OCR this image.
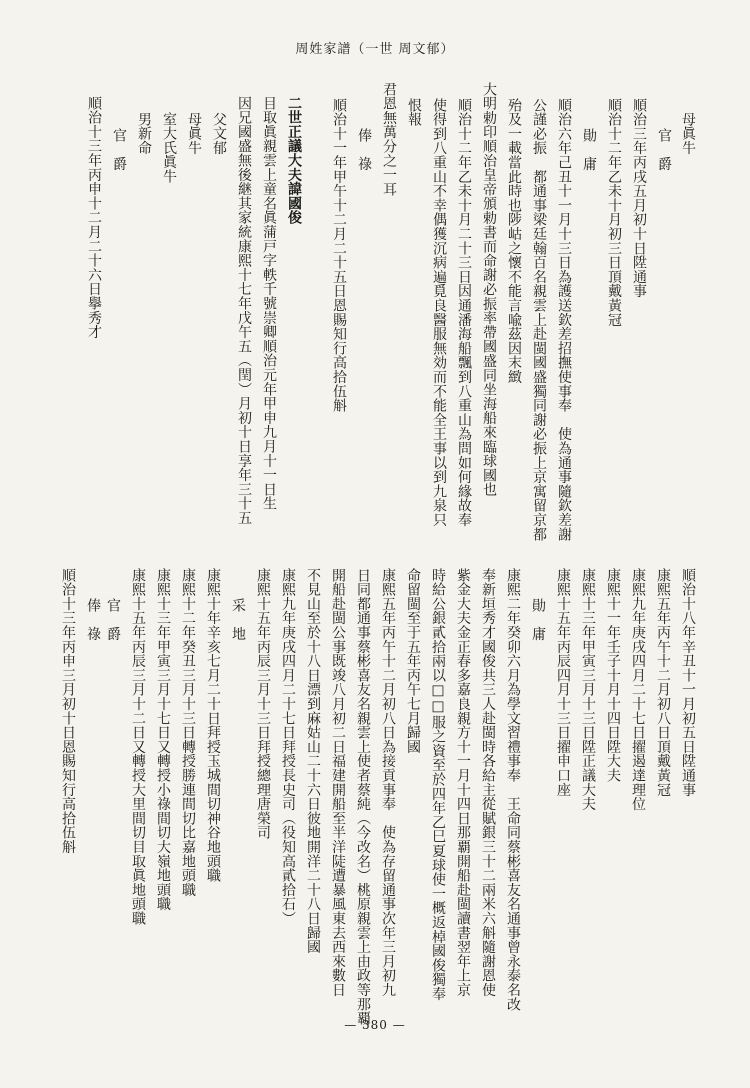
周姓家譜（一世 周文郁）
母眞牛
官　爵
順治三年丙戌五月初十日陞通事
順治十二年乙未十月初三日頂戴黃冠
勛　庸
順治六年己丑十一月十三日為護送欽差招撫使事奉　使為通事隨欽差謝
公謹必振　都通事梁廷翰百名親雲上赴閩國盛獨同謝必振上京寓留京都
殆及一載當此時也陟岵之懷不能言喩茲因末緻
大明勅印順治皇帝頒勅書而命謝必振率帶國盛同坐海船來臨球國也
順治十二年乙未十月二十三日因通潘海船飄到八重山為問如何緣故奉
使得到八重山不幸偶獲沉病遍覓良醫服無効而不能全王事以到九泉只
恨報
君恩無萬分之一耳
俸　祿
順治十一年甲午十二月二十五日恩賜知行高拾伍斛
二世正議大夫諱國俊
目取眞親雲上童名眞蒲戸字軼千號崇卿順治元年甲申九月十一日生
因兄國盛無後継其家統康熙十七年戊午五（閏）月初十日享年三十五
父文郁
母眞牛
室大氏眞牛
男新命
官　爵
順治十三年丙申十二月二十六日擧秀才
順治十八年辛丑十一月初五日陞通事
康熙五年丙午十二月初八日頂戴黃冠
康熙九年庚戌四月二十七日擢遏達理位
康熙十一年壬子十月十四日陞大夫
康熙十三年甲寅三月十三日陞正議大夫
康熙十五年丙辰四月十三日擢申口座
勛　庸
康熙二年癸卯六月為學文習禮事奉　王命同蔡彬喜友名通事曾永泰名改
奉新垣秀才國俊共三人赴閩時各給主從賦銀三十二兩米六斛隨謝恩使
紫金大夫金正春多嘉良親方十一月十四日那覇開船赴閩讀書翌年上京
時給公銀貳拾兩以□□服之資至於四年乙巳夏球使一概返棹國俊獨奉
命留閩至于五年丙午七月歸國
康熙五年丙午十二月初八日為接貢事奉　使為存留通事次年三月初九
日同都通事蔡彬喜友名親雲上使者蔡純（今改名）桃原親雲上由政等那覇
開船赴閩公事既竣八月初二日福建開船至半洋陡遭暴風東去西來數日
不見山至於十八日漂到麻姑山二十六日彼地開洋二十八日歸國
康熙九年庚戌四月二十七日拜授長史司（役知高貳拾石）
康熙十五年丙辰三月十三日拜授總理唐榮司
采　地
康熙十年辛亥七月二十日拜授玉城間切神谷地頭職
康熙十二年癸丑三月十三日轉授勝連間切比嘉地頭職
康熙十三年甲寅三月十七日又轉授小祿間切大嶺地頭職
康熙十五年丙辰三月十二日又轉授大里間切目取眞地頭職
官　爵
俸　祿
順治十三年丙申三月初十日恩賜知行高拾伍斛
— 380 —
